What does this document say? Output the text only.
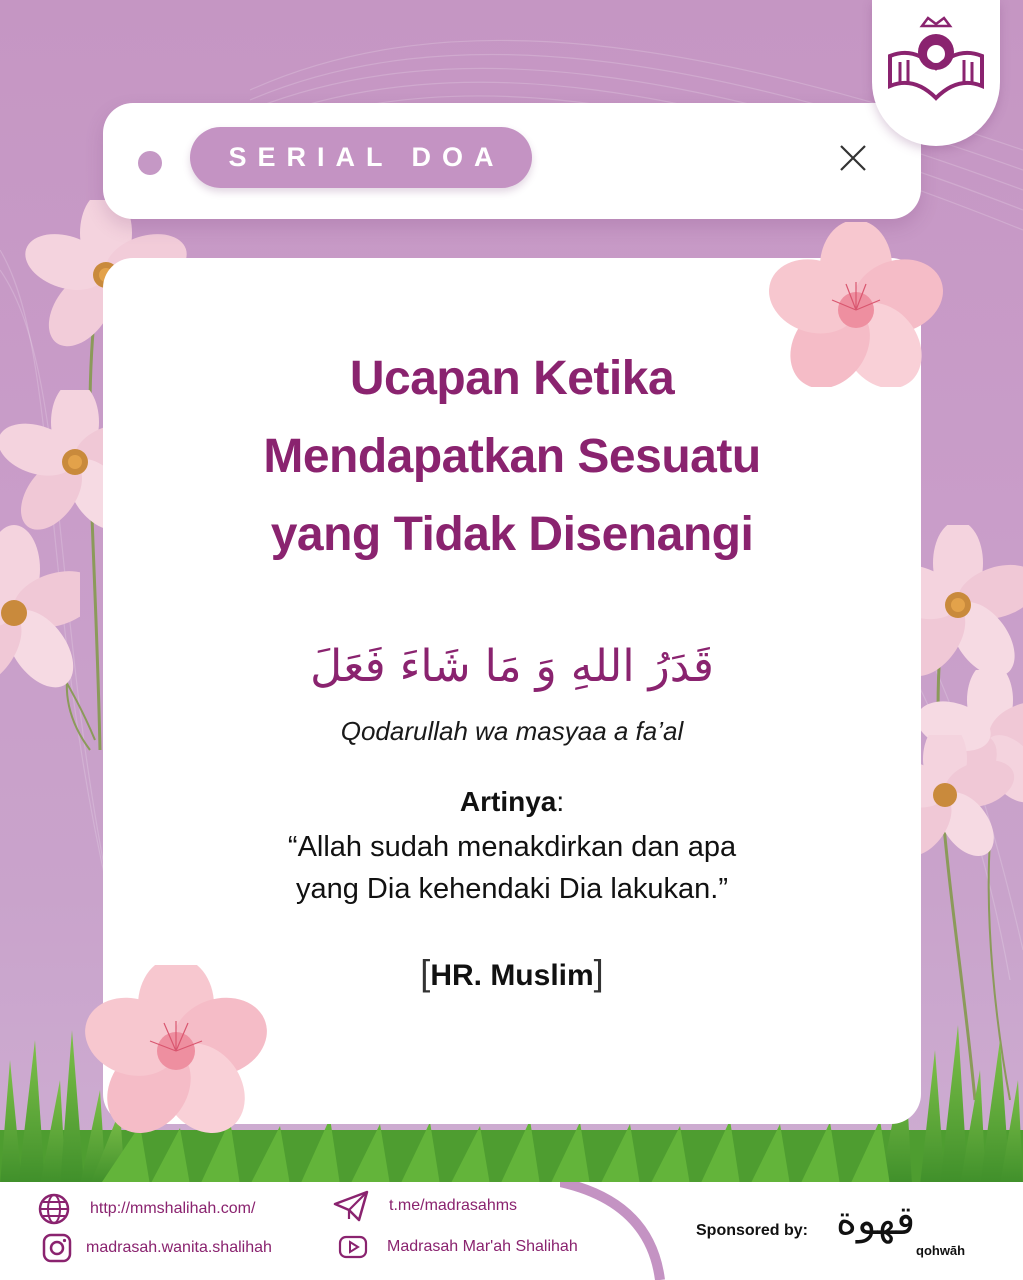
SERIAL DOA
Ucapan Ketika
Mendapatkan Sesuatu
yang Tidak Disenangi
قَدَرُ اللهِ وَ مَا شَاءَ فَعَلَ
Qodarullah wa masyaa a fa’al
Artinya:
“Allah sudah menakdirkan dan apa
yang Dia kehendaki Dia lakukan.”
[HR. Muslim]
http://mmshalihah.com/
madrasah.wanita.shalihah
t.me/madrasahms
Madrasah Mar'ah Shalihah
Sponsored by: قهوة
qohwāh
